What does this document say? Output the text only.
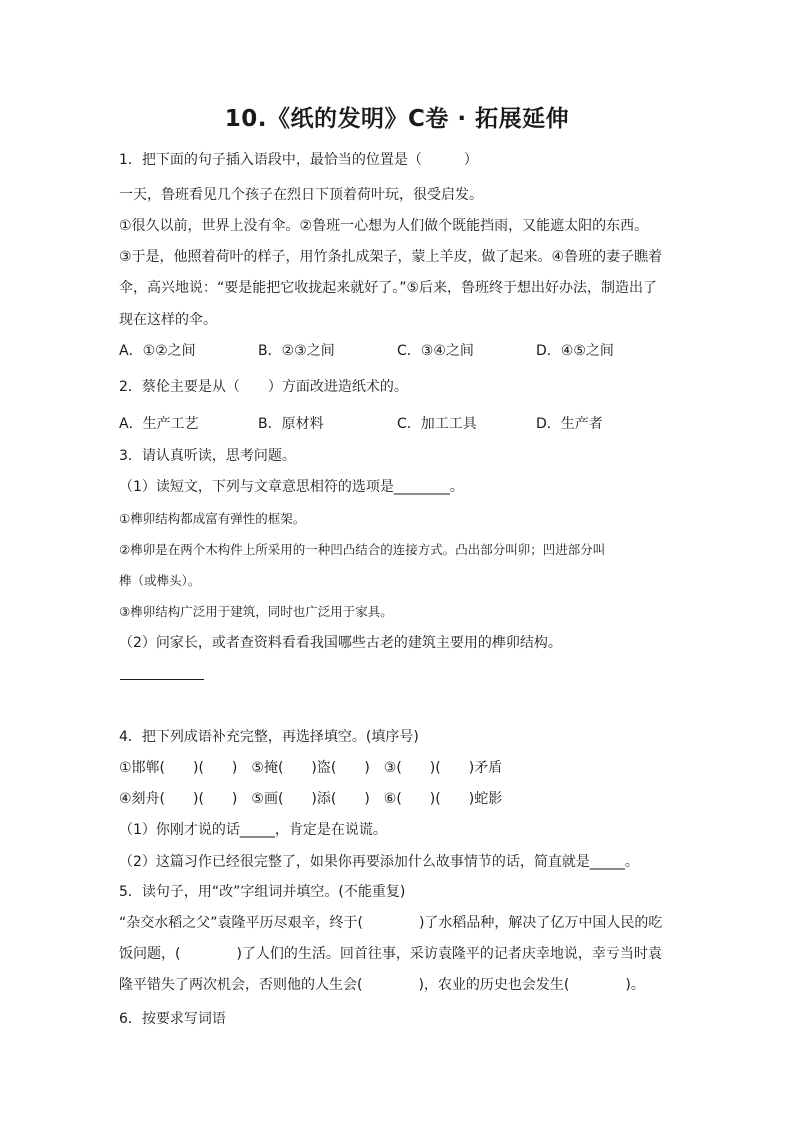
10.《纸的发明》C卷 · 拓展延伸
1．把下面的句子插入语段中，最恰当的位置是（　　　）
一天，鲁班看见几个孩子在烈日下顶着荷叶玩，很受启发。
①很久以前，世界上没有伞。②鲁班一心想为人们做个既能挡雨，又能遮太阳的东西。
③于是，他照着荷叶的样子，用竹条扎成架子，蒙上羊皮，做了起来。④鲁班的妻子瞧着
伞，高兴地说：“要是能把它收拢起来就好了。”⑤后来，鲁班终于想出好办法，制造出了
现在这样的伞。
A．①②之间	B．②③之间	C．③④之间	D．④⑤之间
2．蔡伦主要是从（　　）方面改进造纸术的。
A．生产工艺	B．原材料	C．加工工具	D．生产者
3．请认真听读，思考问题。
（1）读短文，下列与文章意思相符的选项是________。
①榫卯结构都成富有弹性的框架。
②榫卯是在两个木构件上所采用的一种凹凸结合的连接方式。凸出部分叫卯；凹进部分叫
榫（或榫头）。
③榫卯结构广泛用于建筑，同时也广泛用于家具。
（2）问家长，或者查资料看看我国哪些古老的建筑主要用的榫卯结构。
4．把下列成语补充完整，再选择填空。(填序号)
①邯郸(　　)(　　)　⑤掩(　　)盗(　　)　③(　　)(　　)矛盾
④刻舟(　　)(　　)　⑤画(　　)添(　　)　⑥(　　)(　　)蛇影
（1）你刚才说的话_____，肯定是在说谎。
（2）这篇习作已经很完整了，如果你再要添加什么故事情节的话，简直就是_____。
5．读句子，用“改”字组词并填空。(不能重复)
“杂交水稻之父”袁隆平历尽艰辛，终于(　　　　)了水稻品种，解决了亿万中国人民的吃
饭问题，(　　　　)了人们的生活。回首往事，采访袁隆平的记者庆幸地说，幸亏当时袁
隆平错失了两次机会，否则他的人生会(　　　　)，农业的历史也会发生(　　　　)。
6．按要求写词语
